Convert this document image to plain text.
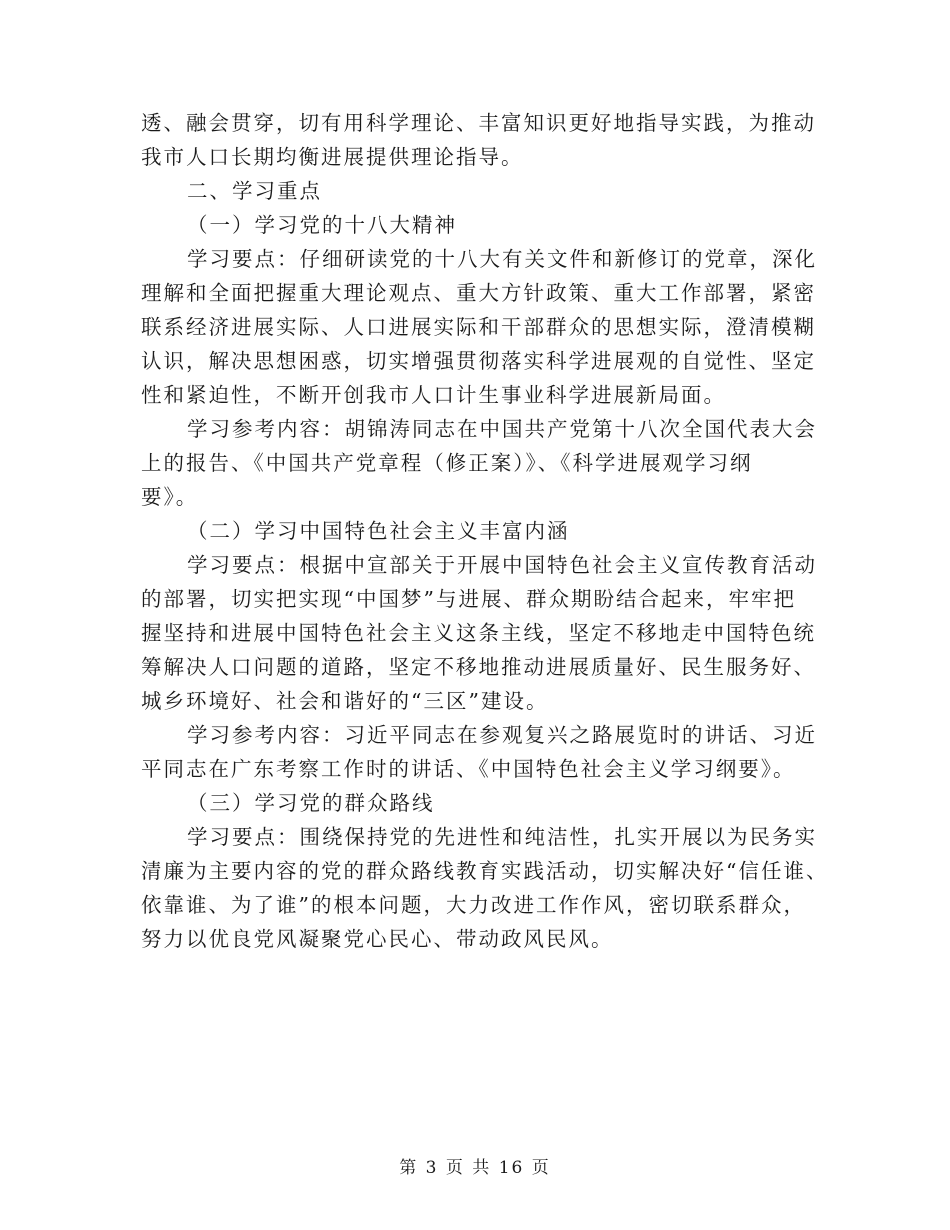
透、融会贯穿，切有用科学理论、丰富知识更好地指导实践，为推动
我市人口长期均衡进展提供理论指导。
二、学习重点
（一）学习党的十八大精神
学习要点：仔细研读党的十八大有关文件和新修订的党章，深化
理解和全面把握重大理论观点、重大方针政策、重大工作部署，紧密
联系经济进展实际、人口进展实际和干部群众的思想实际，澄清模糊
认识，解决思想困惑，切实增强贯彻落实科学进展观的自觉性、坚定
性和紧迫性，不断开创我市人口计生事业科学进展新局面。
学习参考内容：胡锦涛同志在中国共产党第十八次全国代表大会
上的报告、《中国共产党章程（修正案）》、《科学进展观学习纲
要》。
（二）学习中国特色社会主义丰富内涵
学习要点：根据中宣部关于开展中国特色社会主义宣传教育活动
的部署，切实把实现“中国梦”与进展、群众期盼结合起来，牢牢把
握坚持和进展中国特色社会主义这条主线，坚定不移地走中国特色统
筹解决人口问题的道路，坚定不移地推动进展质量好、民生服务好、
城乡环境好、社会和谐好的“三区”建设。
学习参考内容：习近平同志在参观复兴之路展览时的讲话、习近
平同志在广东考察工作时的讲话、《中国特色社会主义学习纲要》。
（三）学习党的群众路线
学习要点：围绕保持党的先进性和纯洁性，扎实开展以为民务实
清廉为主要内容的党的群众路线教育实践活动，切实解决好“信任谁、
依靠谁、为了谁”的根本问题，大力改进工作作风，密切联系群众，
努力以优良党风凝聚党心民心、带动政风民风。
第 3 页 共 16 页
